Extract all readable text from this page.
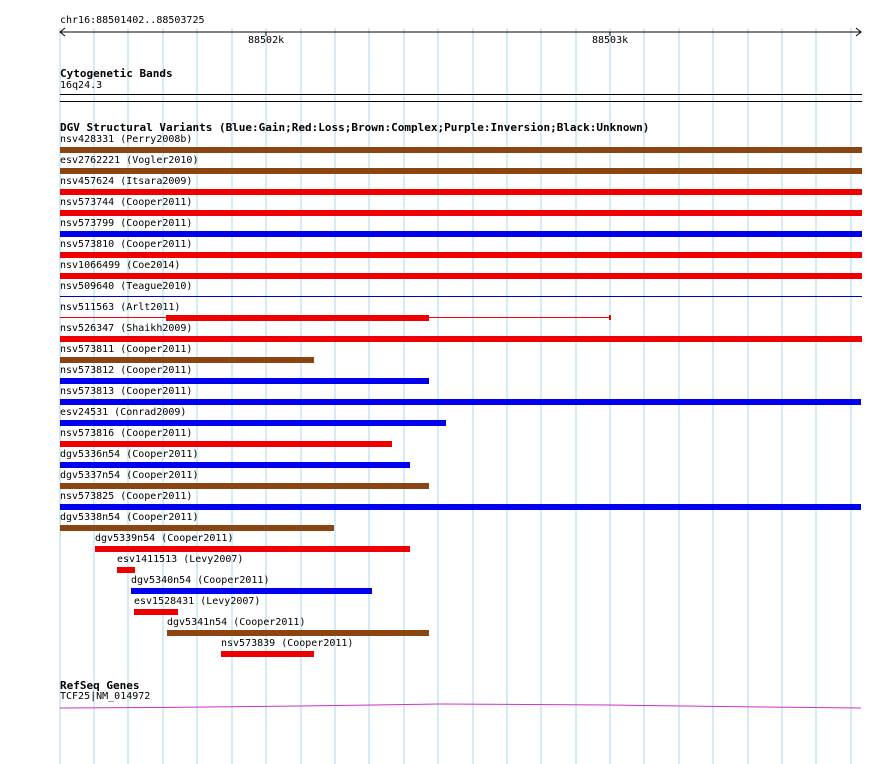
chr16:88501402..88503725
88502k	88503k
Cytogenetic Bands
16q24.3
DGV Structural Variants (Blue:Gain;Red:Loss;Brown:Complex;Purple:Inversion;Black:Unknown)
nsv428331 (Perry2008b)
esv2762221 (Vogler2010)
nsv457624 (Itsara2009)
nsv573744 (Cooper2011)
nsv573799 (Cooper2011)
nsv573810 (Cooper2011)
nsv1066499 (Coe2014)
nsv509640 (Teague2010)
nsv511563 (Arlt2011)
nsv526347 (Shaikh2009)
nsv573811 (Cooper2011)
nsv573812 (Cooper2011)
nsv573813 (Cooper2011)
esv24531 (Conrad2009)
nsv573816 (Cooper2011)
dgv5336n54 (Cooper2011)
dgv5337n54 (Cooper2011)
nsv573825 (Cooper2011)
dgv5338n54 (Cooper2011)
dgv5339n54 (Cooper2011)
esv1411513 (Levy2007)
dgv5340n54 (Cooper2011)
esv1528431 (Levy2007)
dgv5341n54 (Cooper2011)
nsv573839 (Cooper2011)
RefSeq Genes
TCF25|NM_014972
